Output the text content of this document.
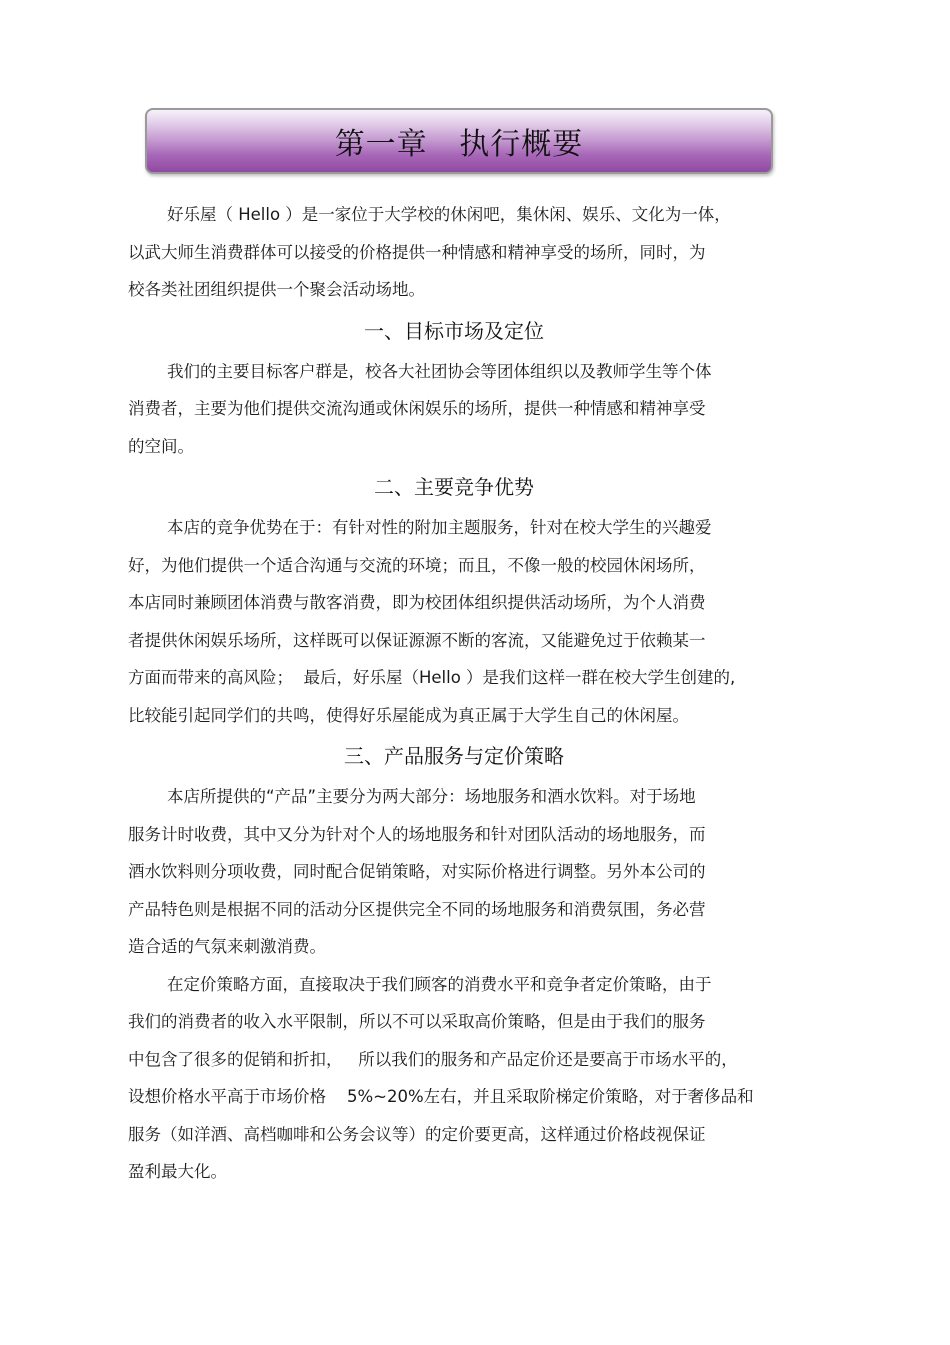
第一章   执行概要
好乐屋（ Hello ）是一家位于大学校的休闲吧，集休闲、娱乐、文化为一体，
以武大师生消费群体可以接受的价格提供一种情感和精神享受的场所，同时，为
校各类社团组织提供一个聚会活动场地。
一、目标市场及定位
我们的主要目标客户群是，校各大社团协会等团体组织以及教师学生等个体
消费者，主要为他们提供交流沟通或休闲娱乐的场所，提供一种情感和精神享受
的空间。
二、主要竞争优势
本店的竞争优势在于：有针对性的附加主题服务，针对在校大学生的兴趣爱
好，为他们提供一个适合沟通与交流的环境；而且，不像一般的校园休闲场所，
本店同时兼顾团体消费与散客消费，即为校团体组织提供活动场所，为个人消费
者提供休闲娱乐场所，这样既可以保证源源不断的客流，又能避免过于依赖某一
方面而带来的高风险；  最后，好乐屋（Hello ）是我们这样一群在校大学生创建的,
比较能引起同学们的共鸣，使得好乐屋能成为真正属于大学生自己的休闲屋。
三、产品服务与定价策略
本店所提供的“产品”主要分为两大部分：场地服务和酒水饮料。对于场地
服务计时收费，其中又分为针对个人的场地服务和针对团队活动的场地服务，而
酒水饮料则分项收费，同时配合促销策略，对实际价格进行调整。另外本公司的
产品特色则是根据不同的活动分区提供完全不同的场地服务和消费氛围，务必营
造合适的气氛来刺激消费。
在定价策略方面，直接取决于我们顾客的消费水平和竞争者定价策略，由于
我们的消费者的收入水平限制，所以不可以采取高价策略，但是由于我们的服务
中包含了很多的促销和折扣，   所以我们的服务和产品定价还是要高于市场水平的，
设想价格水平高于市场价格    5%~20%左右，并且采取阶梯定价策略，对于奢侈品和
服务（如洋酒、高档咖啡和公务会议等）的定价要更高，这样通过价格歧视保证
盈利最大化。
